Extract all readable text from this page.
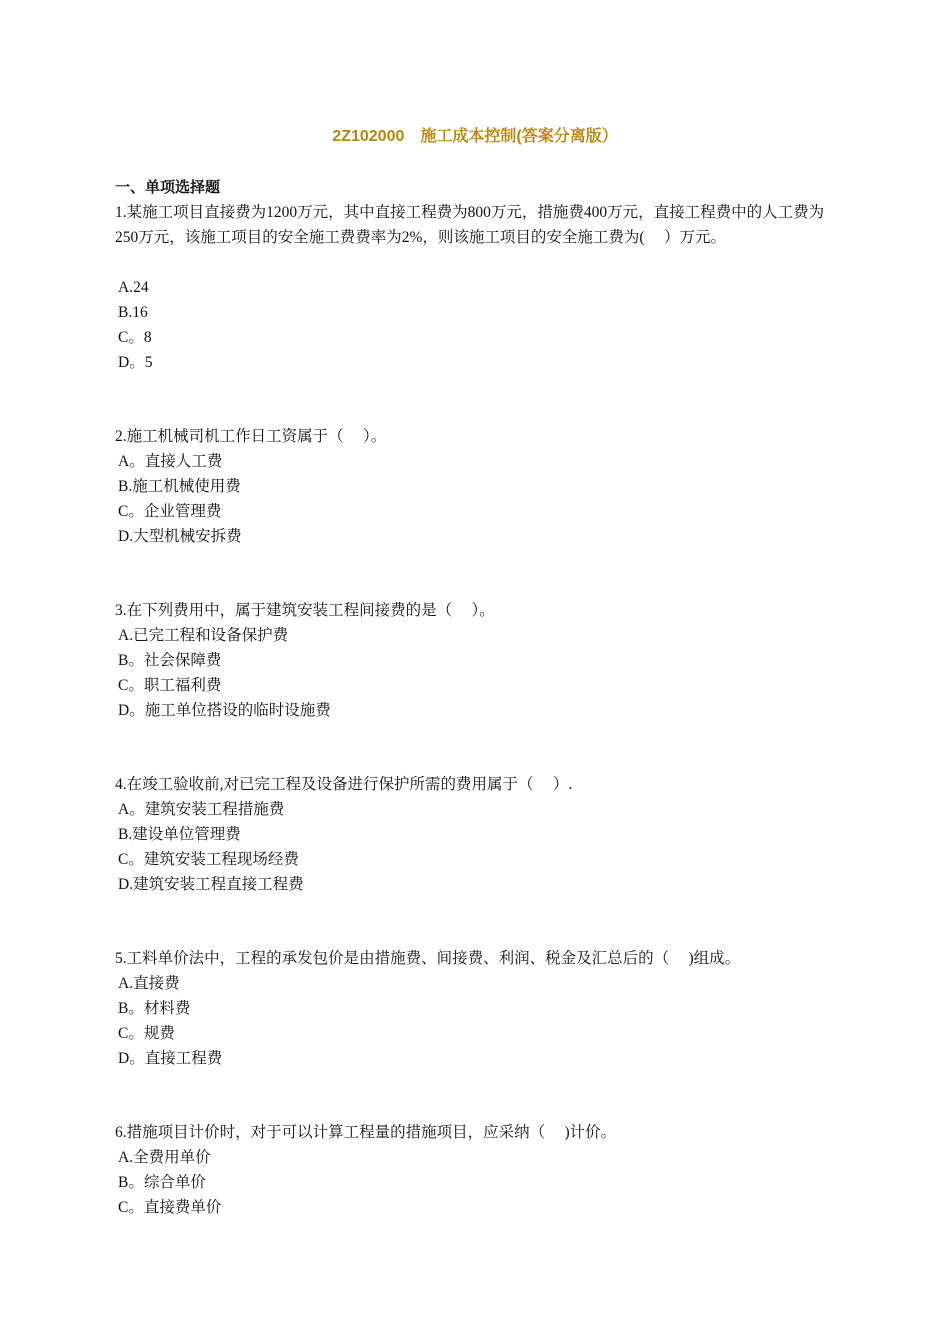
2Z102000　施工成本控制(答案分离版）
一、单项选择题

1.某施工项目直接费为1200万元，其中直接工程费为800万元，措施费400万元，直接工程费中的人工费为250万元，该施工项目的安全施工费费率为2%，则该施工项目的安全施工费为(　 ）万元。

A.24

B.16

C。8

D。5

2.施工机械司机工作日工资属于（　 ）。

A。直接人工费

B.施工机械使用费

C。企业管理费

D.大型机械安拆费

3.在下列费用中，属于建筑安装工程间接费的是（　 ）。

A.已完工程和设备保护费

B。社会保障费

C。职工福利费

D。施工单位搭设的临时设施费

4.在竣工验收前,对已完工程及设备进行保护所需的费用属于（　 ）.

A。建筑安装工程措施费

B.建设单位管理费

C。建筑安装工程现场经费

D.建筑安装工程直接工程费

5.工料单价法中，工程的承发包价是由措施费、间接费、利润、税金及汇总后的（　 )组成。

A.直接费

B。材料费

C。规费

D。直接工程费

6.措施项目计价时，对于可以计算工程量的措施项目，应采纳（　 )计价。

A.全费用单价

B。综合单价

C。直接费单价
